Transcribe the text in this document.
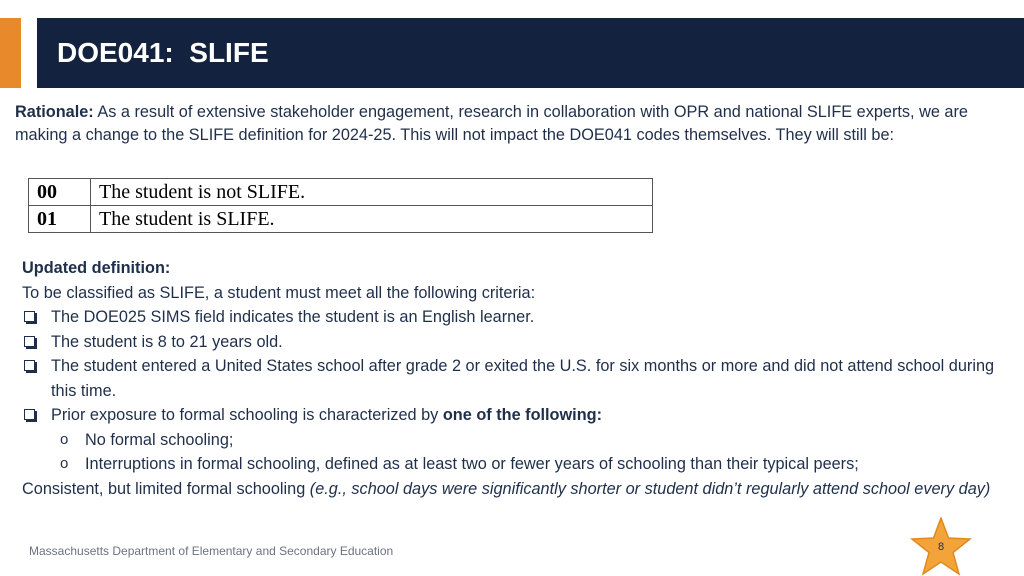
DOE041:  SLIFE
Rationale: As a result of extensive stakeholder engagement, research in collaboration with OPR and national SLIFE experts, we are making a change to the SLIFE definition for 2024-25. This will not impact the DOE041 codes themselves. They will still be:
00	The student is not SLIFE.
01	The student is SLIFE.
Updated definition:
To be classified as SLIFE, a student must meet all the following criteria:
The DOE025 SIMS field indicates the student is an English learner.
The student is 8 to 21 years old.
The student entered a United States school after grade 2 or exited the U.S. for six months or more and did not attend school during this time.
Prior exposure to formal schooling is characterized by one of the following:
o No formal schooling;
o Interruptions in formal schooling, defined as at least two or fewer years of schooling than their typical peers;
Consistent, but limited formal schooling (e.g., school days were significantly shorter or student didn’t regularly attend school every day)
Massachusetts Department of Elementary and Secondary Education	8
